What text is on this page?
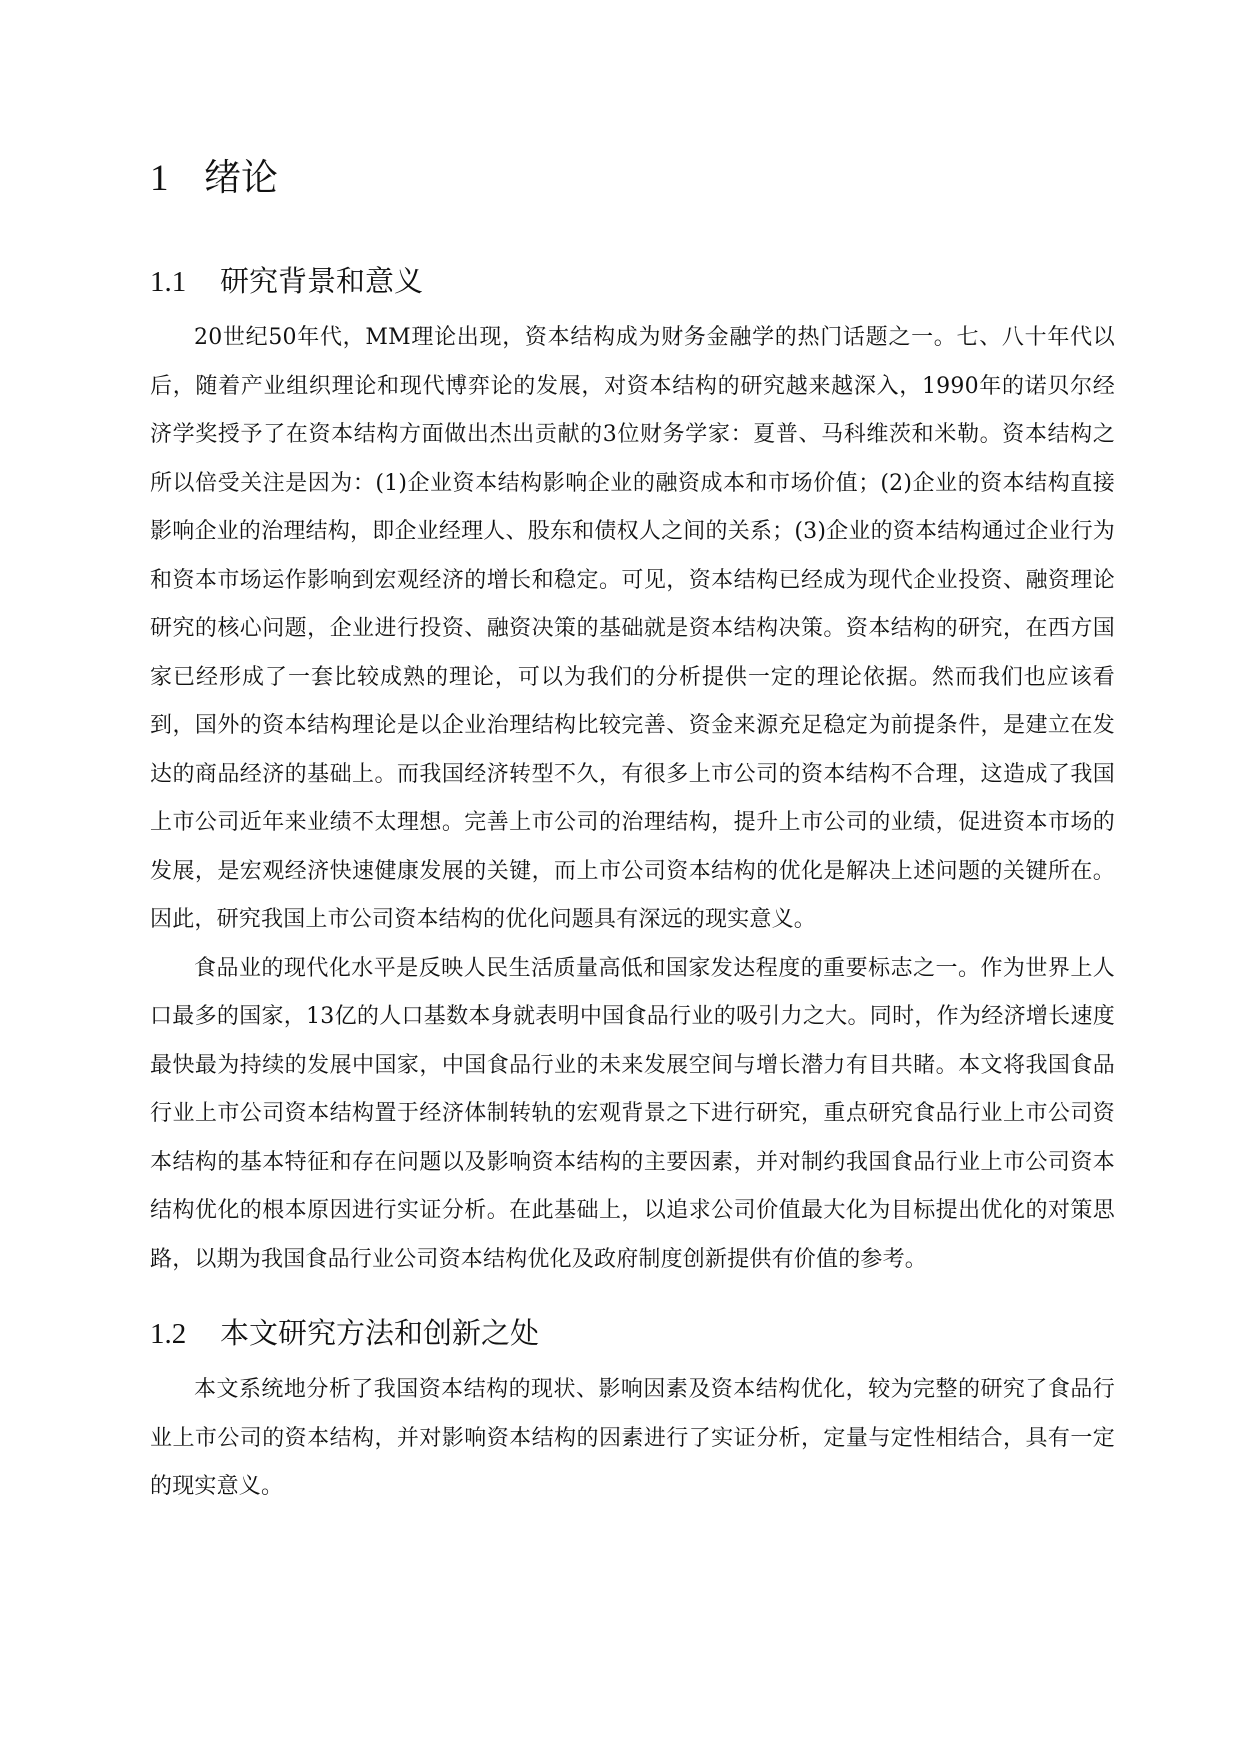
1 绪论
1.1 研究背景和意义

20世纪50年代，MM理论出现，资本结构成为财务金融学的热门话题之一。七、八十年代以后，随着产业组织理论和现代博弈论的发展，对资本结构的研究越来越深入，1990年的诺贝尔经济学奖授予了在资本结构方面做出杰出贡献的3位财务学家：夏普、马科维茨和米勒。资本结构之所以倍受关注是因为：(1)企业资本结构影响企业的融资成本和市场价值；(2)企业的资本结构直接影响企业的治理结构，即企业经理人、股东和债权人之间的关系；(3)企业的资本结构通过企业行为和资本市场运作影响到宏观经济的增长和稳定。可见，资本结构已经成为现代企业投资、融资理论研究的核心问题，企业进行投资、融资决策的基础就是资本结构决策。资本结构的研究，在西方国家已经形成了一套比较成熟的理论，可以为我们的分析提供一定的理论依据。然而我们也应该看到，国外的资本结构理论是以企业治理结构比较完善、资金来源充足稳定为前提条件，是建立在发达的商品经济的基础上。而我国经济转型不久，有很多上市公司的资本结构不合理，这造成了我国上市公司近年来业绩不太理想。完善上市公司的治理结构，提升上市公司的业绩，促进资本市场的发展，是宏观经济快速健康发展的关键，而上市公司资本结构的优化是解决上述问题的关键所在。因此，研究我国上市公司资本结构的优化问题具有深远的现实意义。

食品业的现代化水平是反映人民生活质量高低和国家发达程度的重要标志之一。作为世界上人口最多的国家，13亿的人口基数本身就表明中国食品行业的吸引力之大。同时，作为经济增长速度最快最为持续的发展中国家，中国食品行业的未来发展空间与增长潜力有目共睹。本文将我国食品行业上市公司资本结构置于经济体制转轨的宏观背景之下进行研究，重点研究食品行业上市公司资本结构的基本特征和存在问题以及影响资本结构的主要因素，并对制约我国食品行业上市公司资本结构优化的根本原因进行实证分析。在此基础上，以追求公司价值最大化为目标提出优化的对策思路，以期为我国食品行业公司资本结构优化及政府制度创新提供有价值的参考。

1.2 本文研究方法和创新之处

本文系统地分析了我国资本结构的现状、影响因素及资本结构优化，较为完整的研究了食品行业上市公司的资本结构，并对影响资本结构的因素进行了实证分析，定量与定性相结合，具有一定的现实意义。
